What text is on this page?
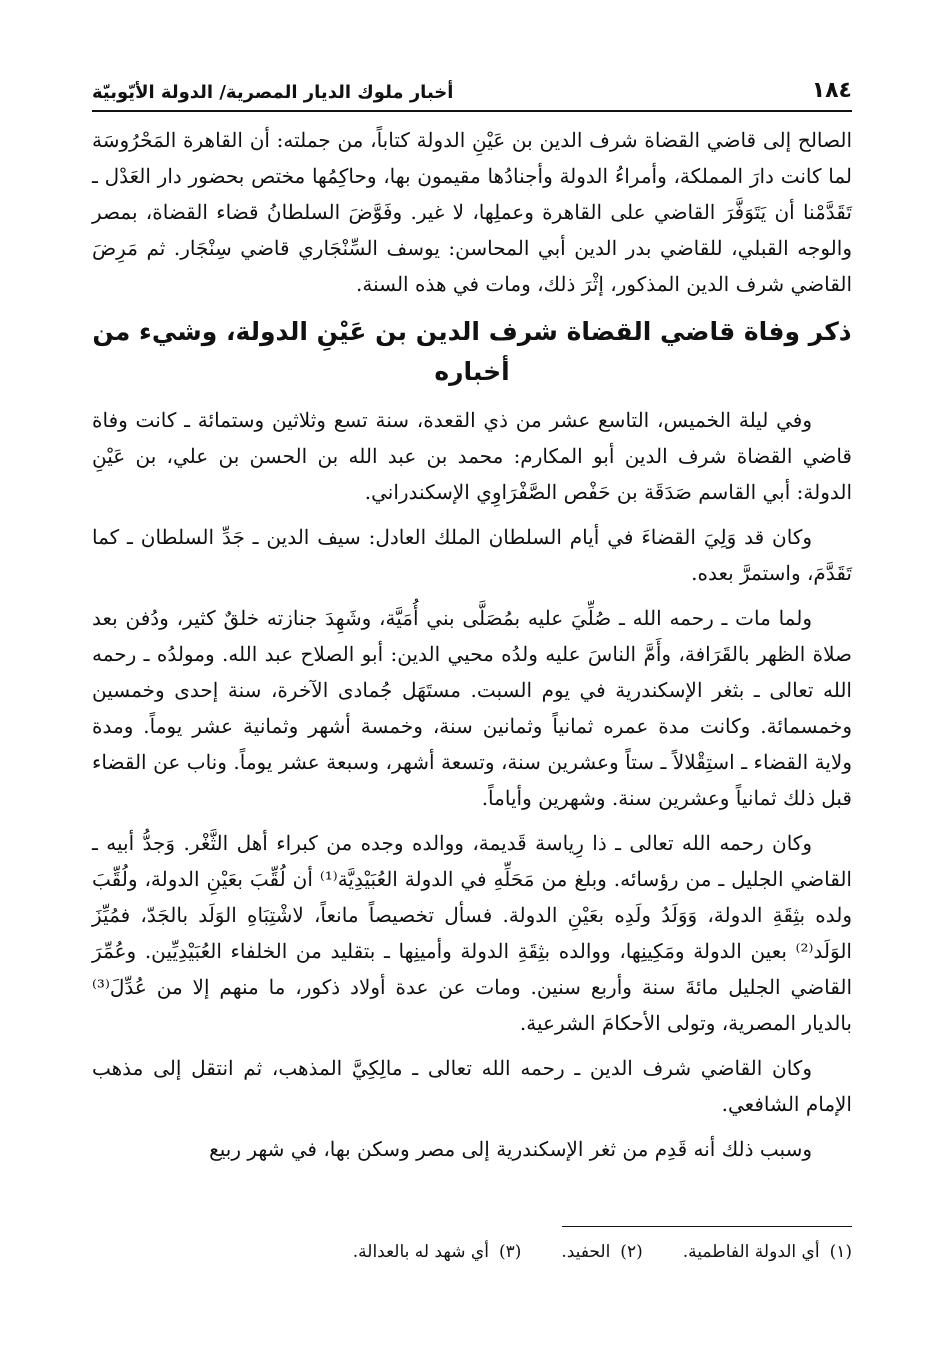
١٨٤
أخبار ملوك الديار المصرية/ الدولة الأيّوبيّة

الصالح إلى قاضي القضاة شرف الدين بن عَيْنِ الدولة كتاباً، من جملته: أن القاهرة المَحْرُوسَة لما كانت دارَ المملكة، وأمراءُ الدولة وأجنادُها مقيمون بها، وحاكِمُها مختص بحضور دار العَدْل ـ تَقَدَّمْنا أن يَتَوَفَّرَ القاضي على القاهرة وعملِها، لا غير. وفَوَّضَ السلطانُ قضاء القضاة، بمصر والوجه القبلي، للقاضي بدر الدين أبي المحاسن: يوسف السِّنْجَاري قاضي سِنْجَار. ثم مَرِضَ القاضي شرف الدين المذكور، إثْرَ ذلك، ومات في هذه السنة.

ذكر وفاة قاضي القضاة شرف الدين بن عَيْنِ الدولة، وشيء من أخباره

وفي ليلة الخميس، التاسع عشر من ذي القعدة، سنة تسع وثلاثين وستمائة ـ كانت وفاة قاضي القضاة شرف الدين أبو المكارم: محمد بن عبد الله بن الحسن بن علي، بن عَيْنِ الدولة: أبي القاسم صَدَقَة بن حَفْص الصَّفْرَاوِي الإسكندراني.

وكان قد وَلِيَ القضاءَ في أيام السلطان الملك العادل: سيف الدين ـ جَدِّ السلطان ـ كما تَقَدَّمَ، واستمرَّ بعده.

ولما مات ـ رحمه الله ـ صُلِّيَ عليه بمُصَلَّى بني أُمَيَّة، وشَهِدَ جنازته خلقٌ كثير، ودُفن بعد صلاة الظهر بالقَرَافة، وأَمَّ الناسَ عليه ولدُه محيي الدين: أبو الصلاح عبد الله. ومولدُه ـ رحمه الله تعالى ـ بثغر الإسكندرية في يوم السبت. مستَهَل جُمادى الآخرة، سنة إحدى وخمسين وخمسمائة. وكانت مدة عمره ثمانياً وثمانين سنة، وخمسة أشهر وثمانية عشر يوماً. ومدة ولاية القضاء ـ استِقْلالاً ـ ستاً وعشرين سنة، وتسعة أشهر، وسبعة عشر يوماً. وناب عن القضاء قبل ذلك ثمانياً وعشرين سنة. وشهرين وأياماً.

وكان رحمه الله تعالى ـ ذا رِياسة قَديمة، ووالده وجده من كبراء أهل الثَّغْر. وَجدُّ أبيه ـ القاضي الجليل ـ من رؤسائه. وبلغ من مَحَلِّهِ في الدولة العُبَيْدِيَّة⁽¹⁾ أن لُقِّبَ بعَيْنِ الدولة، ولُقِّبَ ولده بثِقَةِ الدولة، وَوَلَدُ ولَدِه بعَيْنِ الدولة. فسأل تخصيصاً مانعاً، لاشْتِبَاهِ الوَلَد بالجَدّ، فمُيِّزَ الوَلَد⁽²⁾ بعين الدولة ومَكِينِها، ووالده بثِقَةِ الدولة وأمينِها ـ بتقليد من الخلفاء العُبَيْدِيِّين. وعُمِّرَ القاضي الجليل مائةَ سنة وأربع سنين. ومات عن عدة أولاد ذكور، ما منهم إلا من عُدِّلَ⁽³⁾ بالديار المصرية، وتولى الأحكامَ الشرعية.

وكان القاضي شرف الدين ـ رحمه الله تعالى ـ مالِكِيَّ المذهب، ثم انتقل إلى مذهب الإمام الشافعي.

وسبب ذلك أنه قَدِم من ثغر الإسكندرية إلى مصر وسكن بها، في شهر ربيع

(١)
أي الدولة الفاطمية.
(٢)
الحفيد.
(٣)
أي شهد له بالعدالة.
